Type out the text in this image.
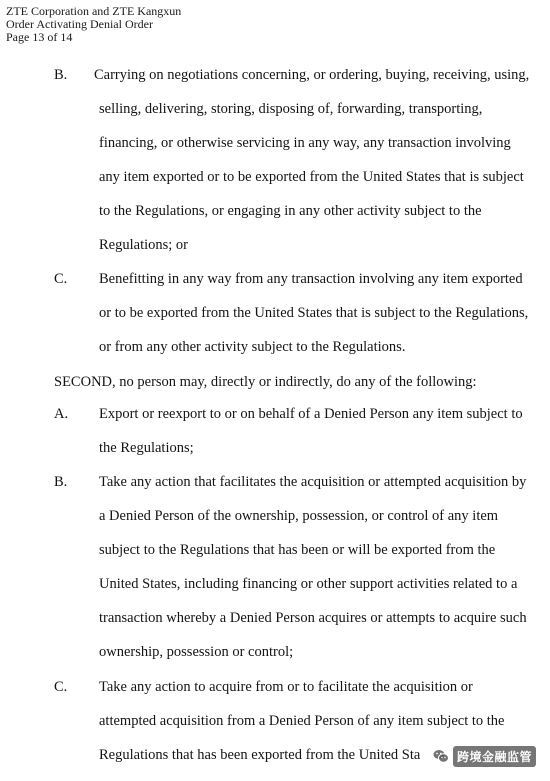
ZTE Corporation and ZTE Kangxun
Order Activating Denial Order
Page 13 of 14
B. Carrying on negotiations concerning, or ordering, buying, receiving, using,
selling, delivering, storing, disposing of, forwarding, transporting,
financing, or otherwise servicing in any way, any transaction involving
any item exported or to be exported from the United States that is subject
to the Regulations, or engaging in any other activity subject to the
Regulations; or
C. Benefitting in any way from any transaction involving any item exported
or to be exported from the United States that is subject to the Regulations,
or from any other activity subject to the Regulations.
SECOND, no person may, directly or indirectly, do any of the following:
A. Export or reexport to or on behalf of a Denied Person any item subject to
the Regulations;
B. Take any action that facilitates the acquisition or attempted acquisition by
a Denied Person of the ownership, possession, or control of any item
subject to the Regulations that has been or will be exported from the
United States, including financing or other support activities related to a
transaction whereby a Denied Person acquires or attempts to acquire such
ownership, possession or control;
C. Take any action to acquire from or to facilitate the acquisition or
attempted acquisition from a Denied Person of any item subject to the
Regulations that has been exported from the United Sta	跨境金融监管
